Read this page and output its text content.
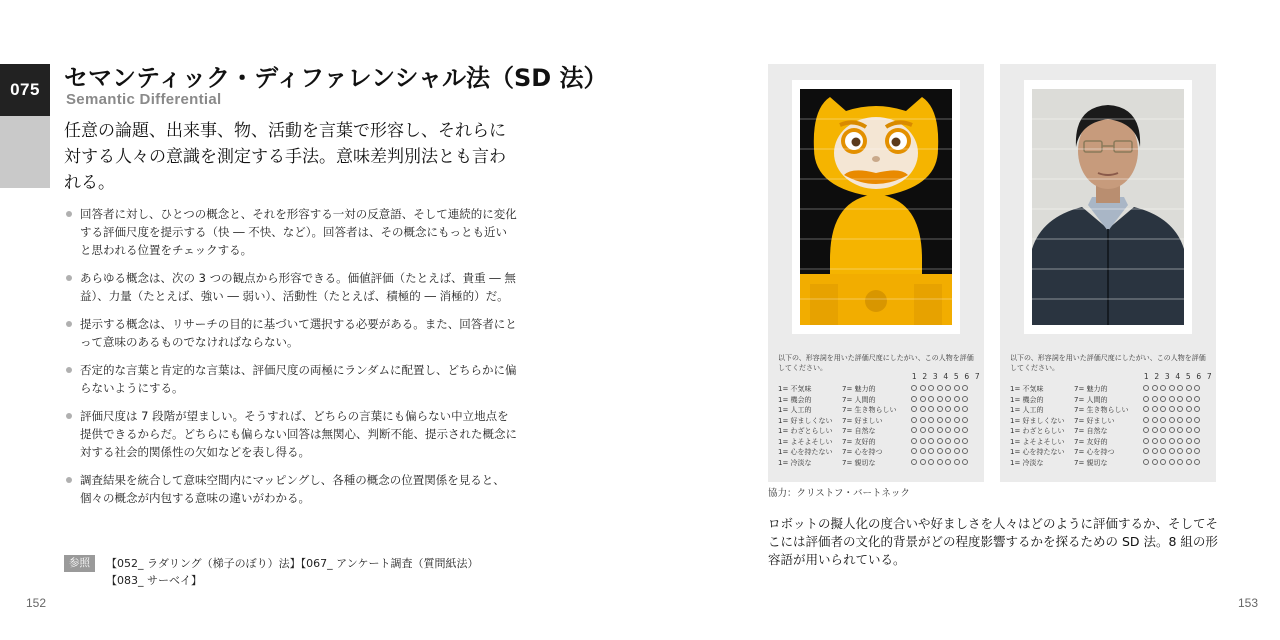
075	セマンティック・ディファレンシャル法（SD 法）
Semantic Differential
任意の論題、出来事、物、活動を言葉で形容し、それらに対する人々の意識を測定する手法。意味差判別法とも言われる。
回答者に対し、ひとつの概念と、それを形容する一対の反意語、そして連続的に変化する評価尺度を提示する（快 ― 不快、など）。回答者は、その概念にもっとも近いと思われる位置をチェックする。
あらゆる概念は、次の 3 つの観点から形容できる。価値評価（たとえば、貴重 ― 無益）、力量（たとえば、強い ― 弱い）、活動性（たとえば、積極的 ― 消極的）だ。
提示する概念は、リサーチの目的に基づいて選択する必要がある。また、回答者にとって意味のあるものでなければならない。
否定的な言葉と肯定的な言葉は、評価尺度の両極にランダムに配置し、どちらかに偏らないようにする。
評価尺度は 7 段階が望ましい。そうすれば、どちらの言葉にも偏らない中立地点を提供できるからだ。どちらにも偏らない回答は無関心、判断不能、提示された概念に対する社会的関係性の欠如などを表し得る。
調査結果を統合して意味空間内にマッピングし、各種の概念の位置関係を見ると、個々の概念が内包する意味の違いがわかる。
参照	【052_ ラダリング（梯子のぼり）法】【067_ アンケート調査（質問紙法）
【083_ サーベイ】
152
以下の、形容詞を用いた評価尺度にしたがい、この人物を評価してください。
1 2 3 4 5 6 7
1= 不気味	7= 魅力的
1= 機会的	7= 人間的
1= 人工的	7= 生き物らしい
1= 好ましくない 7= 好ましい
1= わざとらしい 7= 自然な
1= よそよそしい 7= 友好的
1= 心を持たない 7= 心を持つ
1= 冷淡な	7= 親切な
以下の、形容詞を用いた評価尺度にしたがい、この人物を評価してください。
1 2 3 4 5 6 7
1= 不気味	7= 魅力的
1= 機会的	7= 人間的
1= 人工的	7= 生き物らしい
1= 好ましくない 7= 好ましい
1= わざとらしい 7= 自然な
1= よそよそしい 7= 友好的
1= 心を持たない 7= 心を持つ
1= 冷淡な	7= 親切な
協力：クリストフ・バートネック
ロボットの擬人化の度合いや好ましさを人々はどのように評価するか、そしてそこには評価者の文化的背景がどの程度影響するかを探るための SD 法。8 組の形容語が用いられている。
153
